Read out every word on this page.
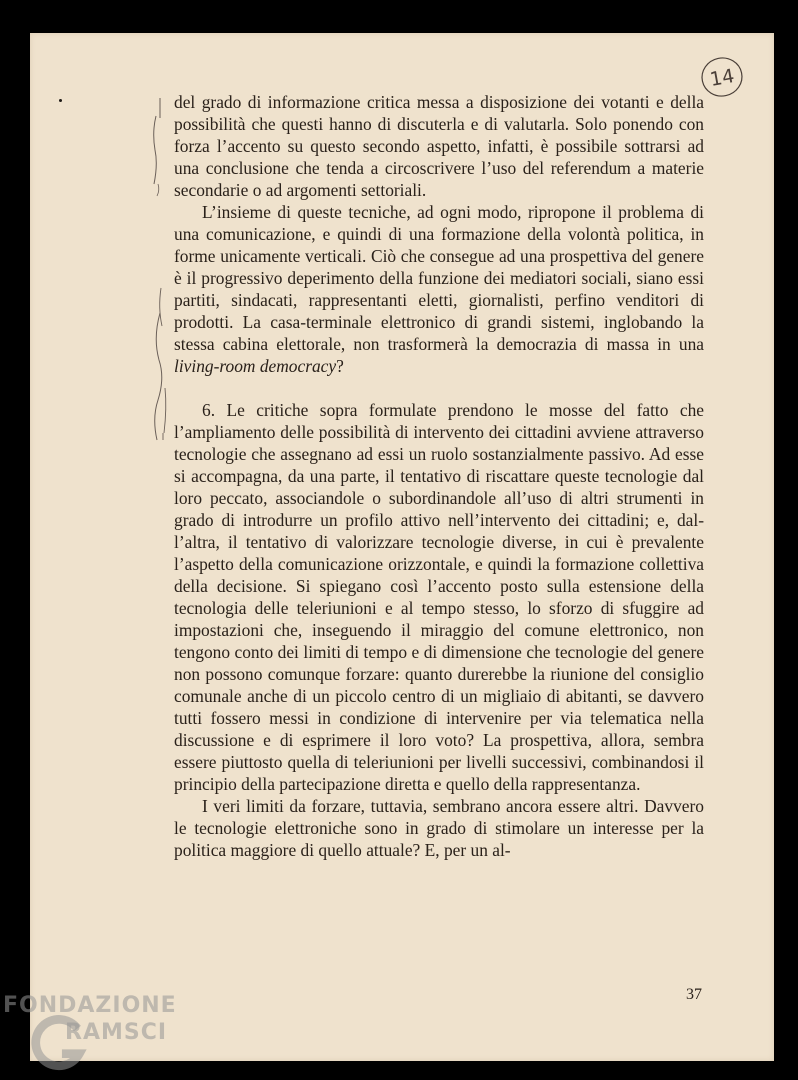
14

del grado di informazione critica messa a disposizione dei votanti e della possibilità che questi hanno di discuterla e di valutarla. Solo ponendo con forza l’accento su questo secondo aspetto, infatti, è possibile sottrarsi ad una conclusione che tenda a circoscrivere l’uso del referendum a materie secondarie o ad argomenti settoriali.

L’insieme di queste tecniche, ad ogni modo, ripropone il problema di una comunicazione, e quindi di una formazione della volontà politica, in forme unicamente verticali. Ciò che consegue ad una prospettiva del genere è il progressivo deperimento della funzione dei mediatori sociali, siano essi partiti, sindacati, rappresentanti eletti, giornalisti, perfino venditori di prodotti. La casa-terminale elettronico di grandi sistemi, inglobando la stessa cabina elettorale, non trasformerà la democrazia di massa in una living-room democracy?

6. Le critiche sopra formulate prendono le mosse del fatto che l’ampliamento delle possibilità di intervento dei cittadini avviene attraverso tecnologie che assegnano ad essi un ruolo sostanzialmente passivo. Ad esse si accompagna, da una parte, il tentativo di riscattare queste tecnologie dal loro peccato, associandole o subordinandole all’uso di altri strumenti in grado di introdurre un profilo attivo nell’intervento dei cittadini; e, dall’altra, il tentativo di valorizzare tecnologie diverse, in cui è prevalente l’aspetto della comunicazione orizzontale, e quindi la formazione collettiva della decisione. Si spiegano così l’accento posto sulla estensione della tecnologia delle teleriunioni e al tempo stesso, lo sforzo di sfuggire ad impostazioni che, inseguendo il miraggio del comune elettronico, non tengono conto dei limiti di tempo e di dimensione che tecnologie del genere non possono comunque forzare: quanto durerebbe la riunione del consiglio comunale anche di un piccolo centro di un migliaio di abitanti, se davvero tutti fossero messi in condizione di intervenire per via telematica nella discussione e di esprimere il loro voto? La prospettiva, allora, sembra essere piuttosto quella di teleriunioni per livelli successivi, combinandosi il principio della partecipazione diretta e quello della rappresentanza.

I veri limiti da forzare, tuttavia, sembrano ancora essere altri. Davvero le tecnologie elettroniche sono in grado di stimolare un interesse per la politica maggiore di quello attuale? E, per un al-

37
FONDAZIONE
RAMSCI
